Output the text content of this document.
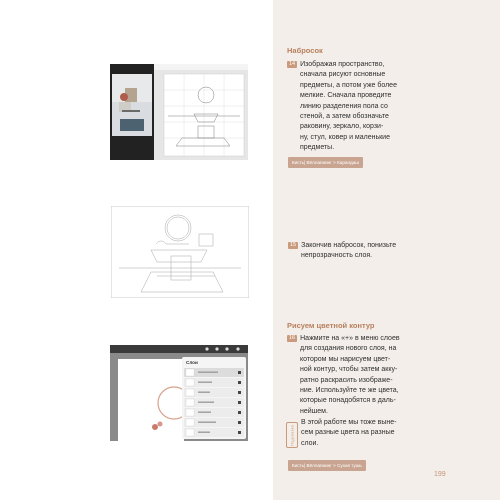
Набросок
14 Изображая пространство,
сначала рисуют основные
предметы, а потом уже более
мелкие. Сначала проведите
линию разделения пола со
стеной, а затем обозначьте
раковину, зеркало, корзи-
ну, стул, ковер и маленькие
предметы.
Кисть| Вёллапиинг > Карандаш
15 Закончив набросок, понизьте
непрозрачность слоя.
Рисуем цветной контур
16 Нажмите на «+» в меню слоев
для создания нового слоя, на
котором мы нарисуем цвет-
ной контур, чтобы затем акку-
ратно раскрасить изображе-
ние. Используйте те же цвета,
которые понадобятся в даль-
нейшем.
Подсказка
В этой работе мы тоже выне-
сем разные цвета на разные
слои.
Кисть| Вёллапиинг > Сухая тушь
199
Слои
